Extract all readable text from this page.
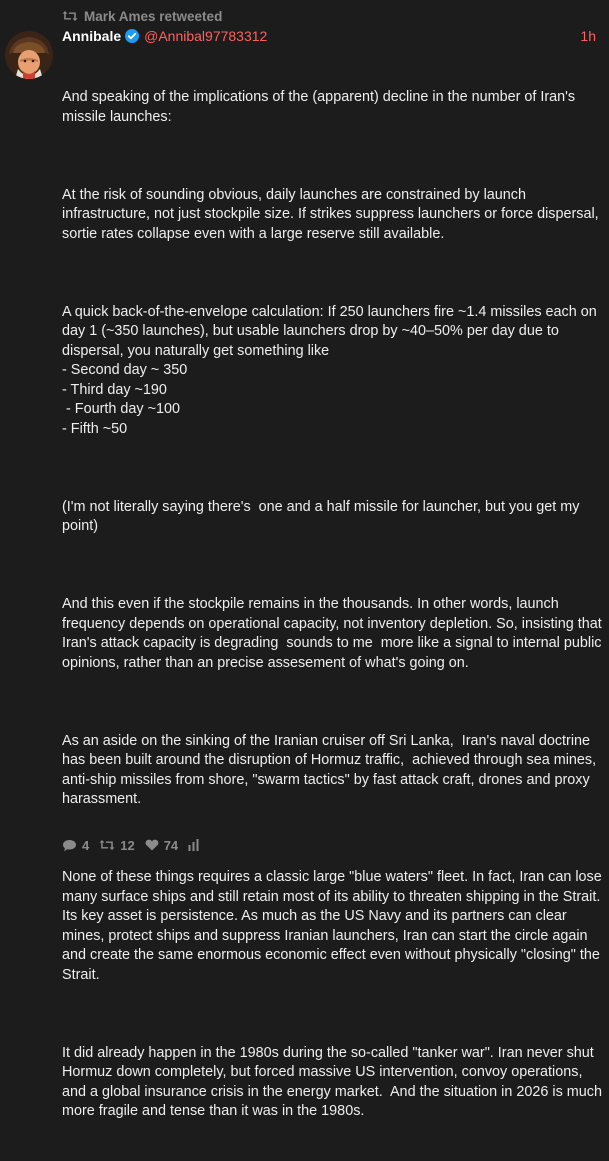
Mark Ames retweeted
Annibale @Annibal97783312	1h

And speaking of the implications of the (apparent) decline in the number of Iran's missile launches:

At the risk of sounding obvious, daily launches are constrained by launch infrastructure, not just stockpile size. If strikes suppress launchers or force dispersal, sortie rates collapse even with a large reserve still available.

A quick back-of-the-envelope calculation: If 250 launchers fire ~1.4 missiles each on day 1 (~350 launches), but usable launchers drop by ~40–50% per day due to dispersal, you naturally get something like
- Second day ~ 350
- Third day ~190
- Fourth day ~100
- Fifth ~50

(I'm not literally saying there's  one and a half missile for launcher, but you get my point)

And this even if the stockpile remains in the thousands. In other words, launch frequency depends on operational capacity, not inventory depletion. So, insisting that Iran's attack capacity is degrading  sounds to me  more like a signal to internal public opinions, rather than an precise assesement of what's going on.

As an aside on the sinking of the Iranian cruiser off Sri Lanka,  Iran's naval doctrine has been built around the disruption of Hormuz traffic,  achieved through sea mines, anti-ship missiles from shore, "swarm tactics" by fast attack craft, drones and proxy harassment.

None of these things requires a classic large "blue waters" fleet. In fact, Iran can lose many surface ships and still retain most of its ability to threaten shipping in the Strait. Its key asset is persistence. As much as the US Navy and its partners can clear mines, protect ships and suppress Iranian launchers, Iran can start the circle again and create the same enormous economic effect even without physically "closing" the Strait.

It did already happen in the 1980s during the so-called "tanker war". Iran never shut Hormuz down completely, but forced massive US intervention, convoy operations, and a global insurance crisis in the energy market.  And the situation in 2026 is much more fragile and tense than it was in the 1980s.

4 12 74
